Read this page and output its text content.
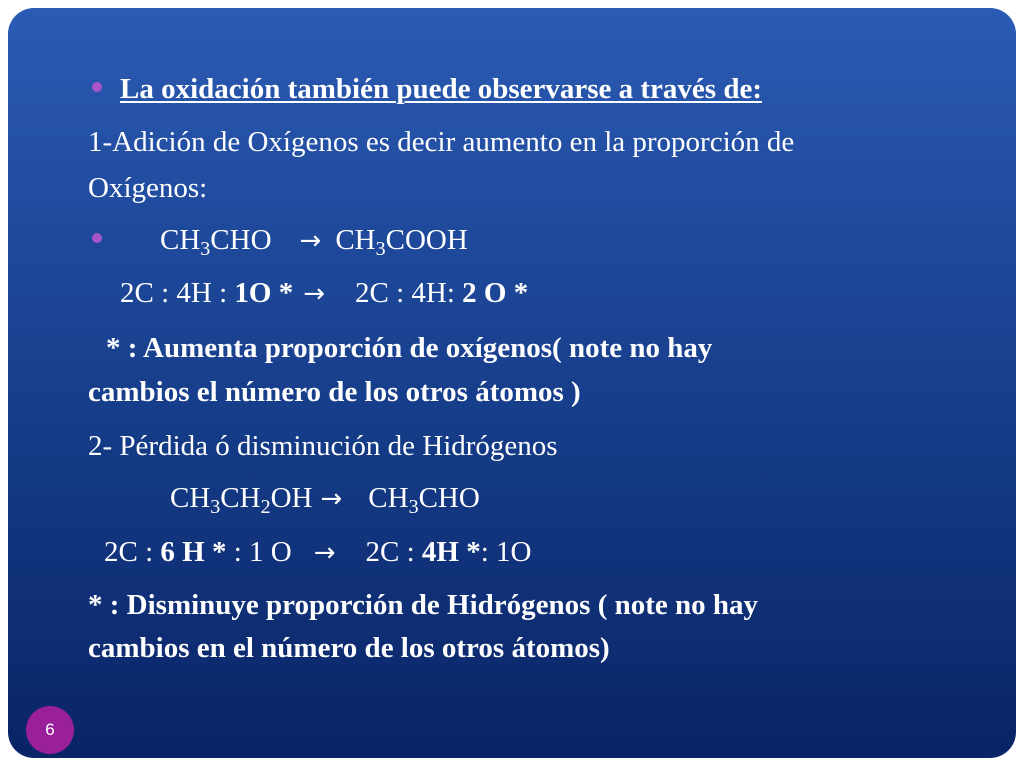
La oxidación también puede observarse a través de:
1-Adición de Oxígenos es decir aumento en la proporción de
Oxígenos:
$CH_3CHO$ → $CH_3COOH$
2C : 4H : 1O * → 2C : 4H: 2 O *
* : Aumenta proporción de oxígenos( note no hay
cambios el número de los otros átomos )
2- Pérdida ó disminución de Hidrógenos
$CH_3CH_2OH \to CH_3CHO$
2C : 6 H * : 1 O → 2C : 4H *: 1O
* : Disminuye proporción de Hidrógenos ( note no hay
cambios en el número de los otros átomos)
6
